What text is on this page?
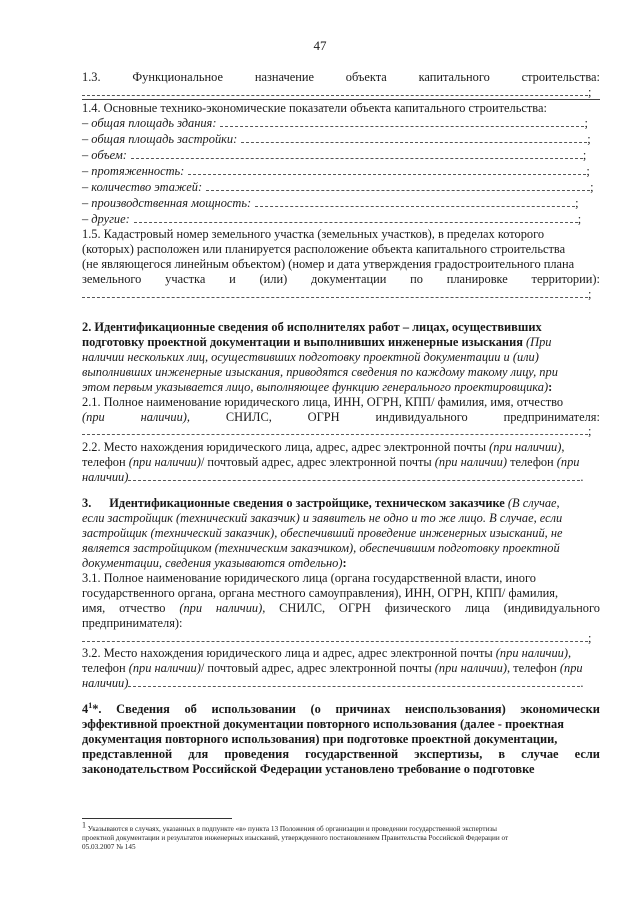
47
1.3.	Функциональное	назначение	объекта	капитального	строительства:
;
1.4. Основные технико-экономические показатели объекта капитального строительства:
– общая площадь здания:	;
– общая площадь застройки:	;
– объем:	;
– протяженность:	;
– количество этажей:	;
– производственная мощность:	;
– другие:	;
1.5. Кадастровый номер земельного участка (земельных участков), в пределах которого
(которых) расположен или планируется расположение объекта капитального строительства
(не являющегося линейным объектом) (номер и дата утверждения градостроительного плана
земельного участка и (или) документации по планировке территории):
;
2. Идентификационные сведения об исполнителях работ – лицах, осуществивших
подготовку проектной документации и выполнивших инженерные изыскания (При
наличии нескольких лиц, осуществивших подготовку проектной документации и (или)
выполнивших инженерные изыскания, приводятся сведения по каждому такому лицу, при
этом первым указывается лицо, выполняющее функцию генерального проектировщика):
2.1. Полное наименование юридического лица, ИНН, ОГРН, КПП/ фамилия, имя, отчество
(при	наличии),	СНИЛС,	ОГРН	индивидуального	предпринимателя:
;
2.2. Место нахождения юридического лица, адрес, адрес электронной почты (при наличии),
телефон (при наличии)/ почтовый адрес, адрес электронной почты (при наличии) телефон (при
наличии)	.
3. Идентификационные сведения о застройщике, техническом заказчике (В случае,
если застройщик (технический заказчик) и заявитель не одно и то же лицо. В случае, если
застройщик (технический заказчик), обеспечивший проведение инженерных изысканий, не
является застройщиком (техническим заказчиком), обеспечившим подготовку проектной
документации, сведения указываются отдельно):
3.1. Полное наименование юридического лица (органа государственной власти, иного
государственного органа, органа местного самоуправления), ИНН, ОГРН, КПП/ фамилия,
имя, отчество (при наличии), СНИЛС, ОГРН физического лица (индивидуального
предпринимателя):
;
3.2. Место нахождения юридического лица и адрес, адрес электронной почты (при наличии),
телефон (при наличии)/ почтовый адрес, адрес электронной почты (при наличии), телефон (при
наличии)	.
$4^1*$. Сведения об использовании (о причинах неиспользования) экономически
эффективной проектной документации повторного использования (далее - проектная
документация повторного использования) при подготовке проектной документации,
представленной для проведения государственной экспертизы, в случае если
законодательством Российской Федерации установлено требование о подготовке
$^1$ Указываются в случаях, указанных в подпункте «в» пункта 13 Положения об организации и проведении государственной экспертизы
проектной документации и результатов инженерных изысканий, утвержденного постановлением Правительства Российской Федерации от
05.03.2007 № 145
